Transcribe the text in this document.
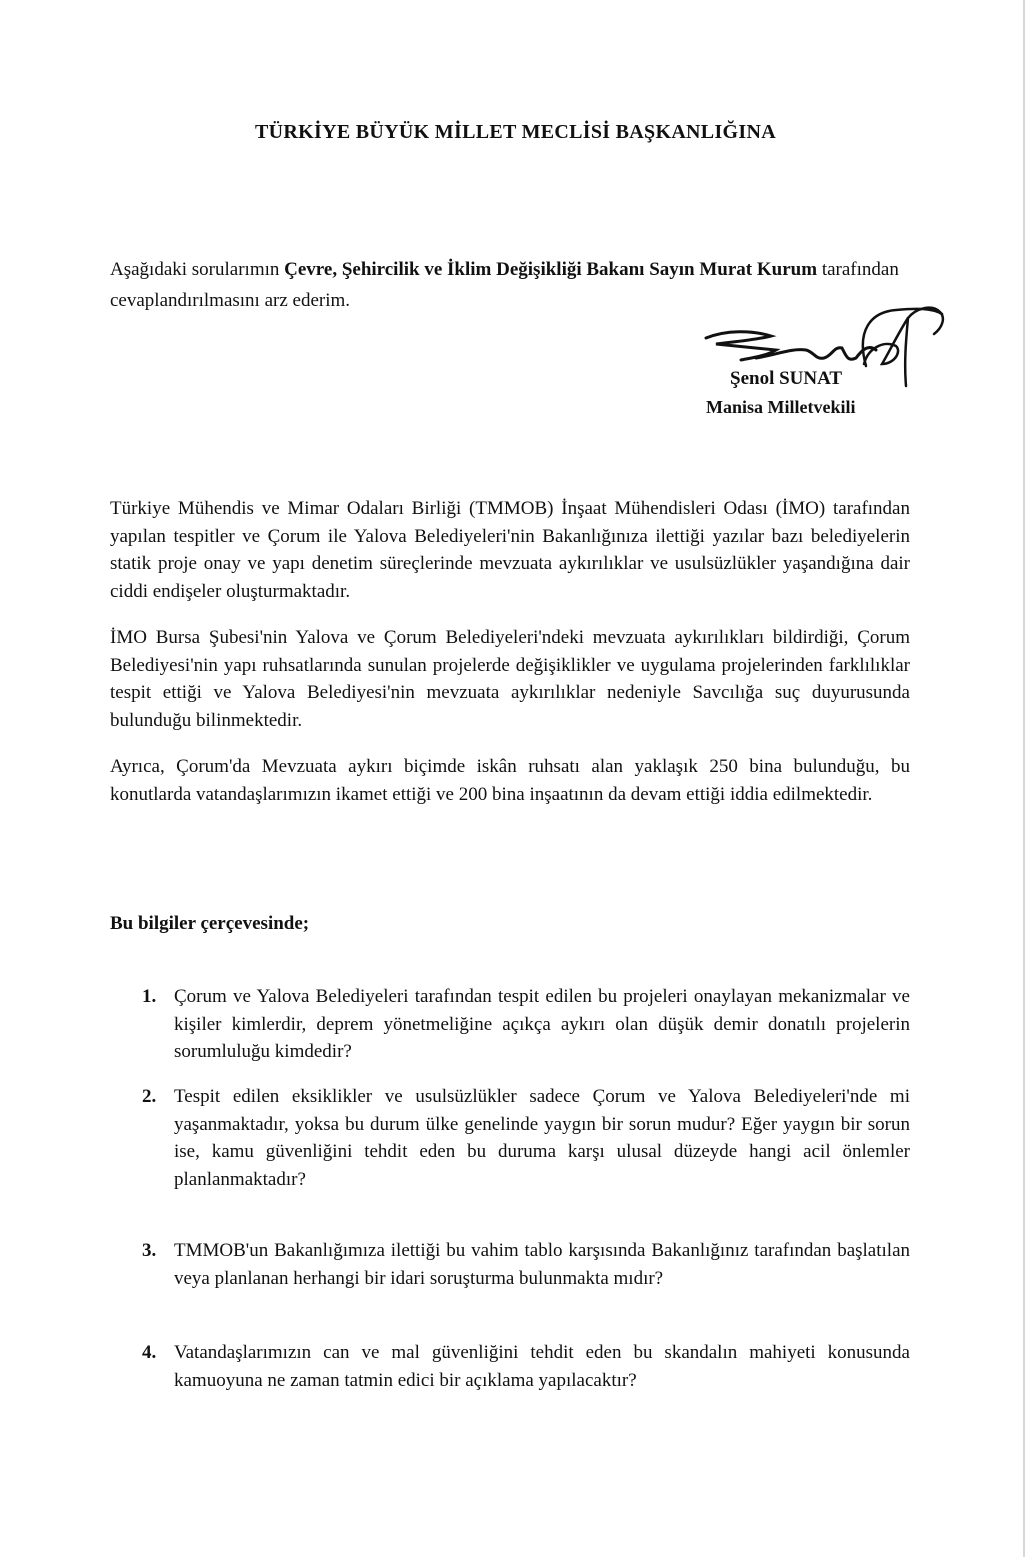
TÜRKİYE BÜYÜK MİLLET MECLİSİ BAŞKANLIĞINA

Aşağıdaki sorularımın Çevre, Şehircilik ve İklim Değişikliği Bakanı Sayın Murat Kurum tarafından cevaplandırılmasını arz ederim.

Şenol SUNAT
Manisa Milletvekili

Türkiye Mühendis ve Mimar Odaları Birliği (TMMOB) İnşaat Mühendisleri Odası (İMO) tarafından yapılan tespitler ve Çorum ile Yalova Belediyeleri'nin Bakanlığınıza ilettiği yazılar bazı belediyelerin statik proje onay ve yapı denetim süreçlerinde mevzuata aykırılıklar ve usulsüzlükler yaşandığına dair ciddi endişeler oluşturmaktadır.

İMO Bursa Şubesi'nin Yalova ve Çorum Belediyeleri'ndeki mevzuata aykırılıkları bildirdiği, Çorum Belediyesi'nin yapı ruhsatlarında sunulan projelerde değişiklikler ve uygulama projelerinden farklılıklar tespit ettiği ve Yalova Belediyesi'nin mevzuata aykırılıklar nedeniyle Savcılığa suç duyurusunda bulunduğu bilinmektedir.

Ayrıca, Çorum'da Mevzuata aykırı biçimde iskân ruhsatı alan yaklaşık 250 bina bulunduğu, bu konutlarda vatandaşlarımızın ikamet ettiği ve 200 bina inşaatının da devam ettiği iddia edilmektedir.

Bu bilgiler çerçevesinde;

1. Çorum ve Yalova Belediyeleri tarafından tespit edilen bu projeleri onaylayan mekanizmalar ve kişiler kimlerdir, deprem yönetmeliğine açıkça aykırı olan düşük demir donatılı projelerin sorumluluğu kimdedir?

2. Tespit edilen eksiklikler ve usulsüzlükler sadece Çorum ve Yalova Belediyeleri'nde mi yaşanmaktadır, yoksa bu durum ülke genelinde yaygın bir sorun mudur? Eğer yaygın bir sorun ise, kamu güvenliğini tehdit eden bu duruma karşı ulusal düzeyde hangi acil önlemler planlanmaktadır?

3. TMMOB'un Bakanlığımıza ilettiği bu vahim tablo karşısında Bakanlığınız tarafından başlatılan veya planlanan herhangi bir idari soruşturma bulunmakta mıdır?

4. Vatandaşlarımızın can ve mal güvenliğini tehdit eden bu skandalın mahiyeti konusunda kamuoyuna ne zaman tatmin edici bir açıklama yapılacaktır?
